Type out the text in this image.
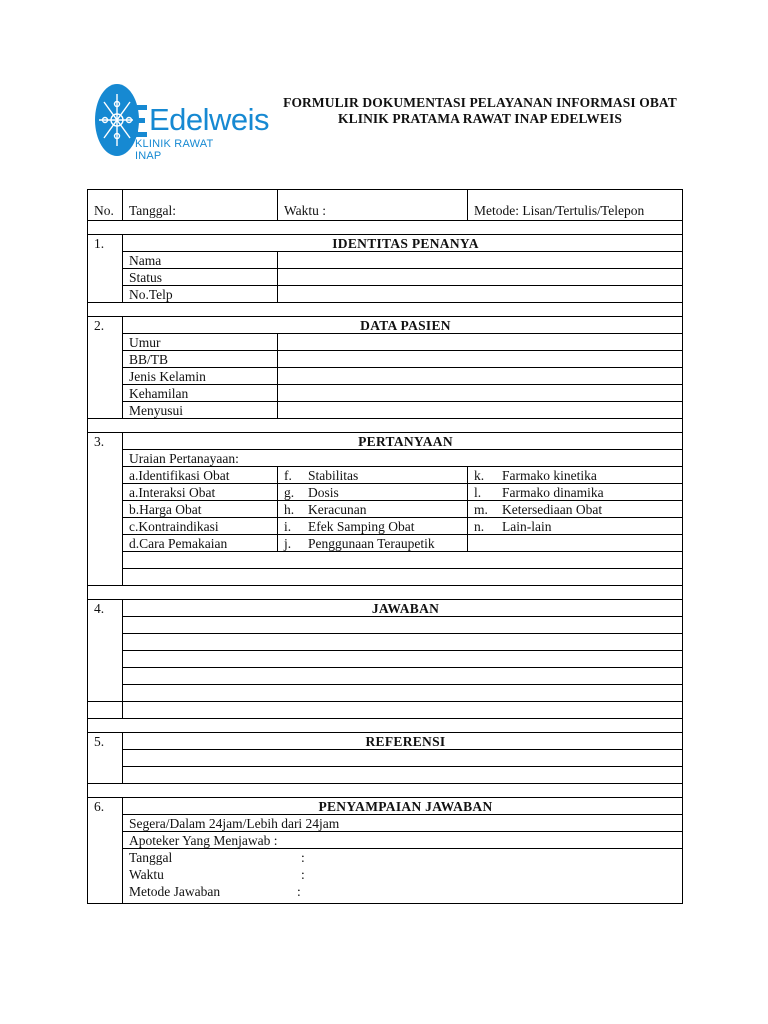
Edelweis
KLINIK RAWAT INAP
FORMULIR DOKUMENTASI PELAYANAN INFORMASI OBAT
KLINIK PRATAMA RAWAT INAP EDELWEIS
No.	Tanggal:	Waktu :	Metode: Lisan/Tertulis/Telepon

1.	IDENTITAS PENANYA		
	Nama		
	Status		
	No.Telp		

2.	DATA PASIEN		
	Umur		
	BB/TB		
	Jenis Kelamin		
	Kehamilan		
	Menyusui		

3.	PERTANYAAN		
	Uraian Pertanayaan:		
	a.Identifikasi Obat	f. Stabilitas	k. Farmako kinetika
	a.Interaksi Obat	g. Dosis	l. Farmako dinamika
	b.Harga Obat	h. Keracunan	m. Ketersediaan Obat
	c.Kontraindikasi	i. Efek Samping Obat	n. Lain-lain
	d.Cara Pemakaian	j. Penggunaan Teraupetik	

4.	JAWABAN		

5.	REFERENSI		

6.	PENYAMPAIAN JAWABAN		
	Segera/Dalam 24jam/Lebih dari 24jam		
	Apoteker Yang Menjawab :		

	Tanggal :
Waktu :
Metode Jawaban :		
